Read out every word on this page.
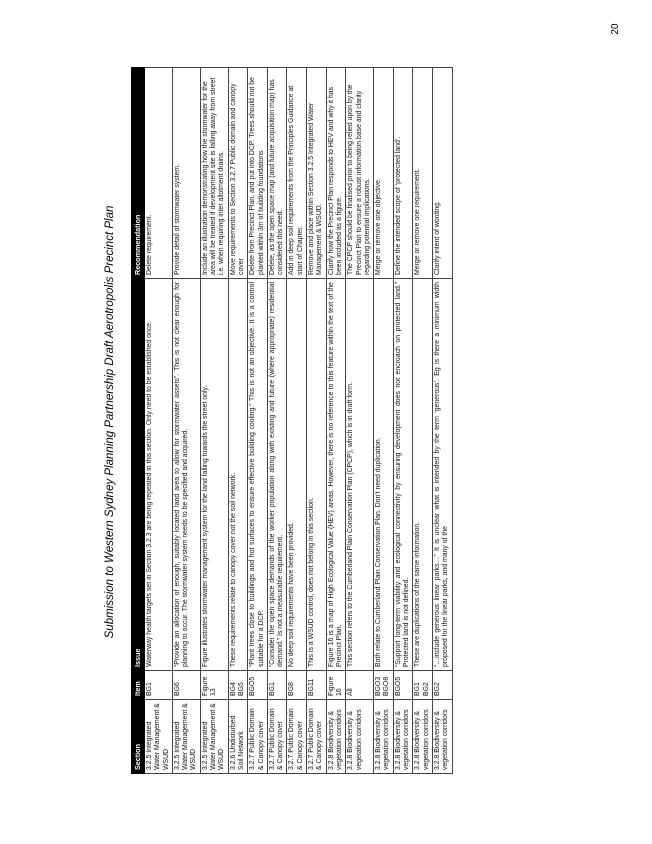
Submission to Western Sydney Planning Partnership Draft Aerotropolis Precinct Plan
Section	Item	Issue	Recommendation
3.2.5 Integrated Water Management & WSUD	BG1	Waterway health targets set in Section 3.2.3 are being repeated in this section. Only need to be established once.	Delete requirement.
3.2.5 Integrated Water Management & WSUD	BG6	“Provide an allocation of enough, suitably located land area to allow for stormwater assets”. This is not clear enough for planning to occur. The stormwater system needs to be specified and acquired.	Provide detail of stormwater system.
3.2.5 Integrated Water Management & WSUD	Figure 13	Figure illustrates stormwater management system for the land falling towards the street only.	Include an illustration demonstrating how the stormwater for the area will be treated if development site is falling away from street i.e. when requiring inter allotment drains.
3.2.6 Undisturbed Soil Network	BG4 BG5	These requirements relate to canopy cover not the soil network.	Move requirements to Section 3.2.7 Public domain and canopy cover
3.2.7 Public Domain & Canopy cover	BGO5	“Plant trees close to buildings and hot surfaces to ensure effective building cooling.” This is not an objective. It is a control suitable for a DCP.	Delete from Precinct Plan, and put into DCP. Trees should not be planted within 3m of building foundations
3.2.7 Public Domain & Canopy cover	BG1	“Consider the open space demands of the worker population along with existing and future (where appropriate) residential demand.” Is not a measurable requirement.	Delete, as the open space map (and future acquisition map) has considered this need.
3.2.7 Public Domain & Canopy cover	BG8	No deep soil requirements have been provided.	Add in deep soil requirements from the Principles Guidance at start of Chapter.
3.2.7 Public Domain & Canopy cover	BG11	This is a WSUD control, does not belong in this section.	Remove and place within Section 3.2.5 Integrated Water Management & WSUD.
3.2.8 Biodiversity & vegetation corridors	Figure 16	Figure 16 is a map of High Ecological Value (HEV) areas. However, there is no reference to this feature within the text of the Precinct Plan.	Clarify how the Precinct Plan responds to HEV and why it has been included as a figure.
3.2.8 Biodiversity & vegetation corridors	All	This section refers to the Cumberland Plain Conservation Plan (CPCP), which is in draft form.	The CPCP should be finalised prior to being relied upon by the Precinct Plan to ensure a robust information base and clarity regarding potential implications.
3.2.8 Biodiversity & vegetation corridors	BGO3 BGO8	Both relate to Cumberland Plain Conservation Plan. Don't need duplication.	Merge or remove one objective.
3.2.8 Biodiversity & vegetation corridors	BGO5	“Support long-term viability and ecological connectivity by ensuring development does not encroach on protected land.” Protected land is not defined.	Define the intended scope of ‘protected land’.
3.2.8 Biodiversity & vegetation corridors	BG1 BG2	These are duplications of the same information.	Merge or remove one requirement.
3.2.8 Biodiversity & vegetation corridors	BG2	“…include generous linear parks…” It is unclear what is intended by the term ‘generous’. Eg is there a minimum width proposed for the linear parks, and many of the	Clarify intent of wording.
20
